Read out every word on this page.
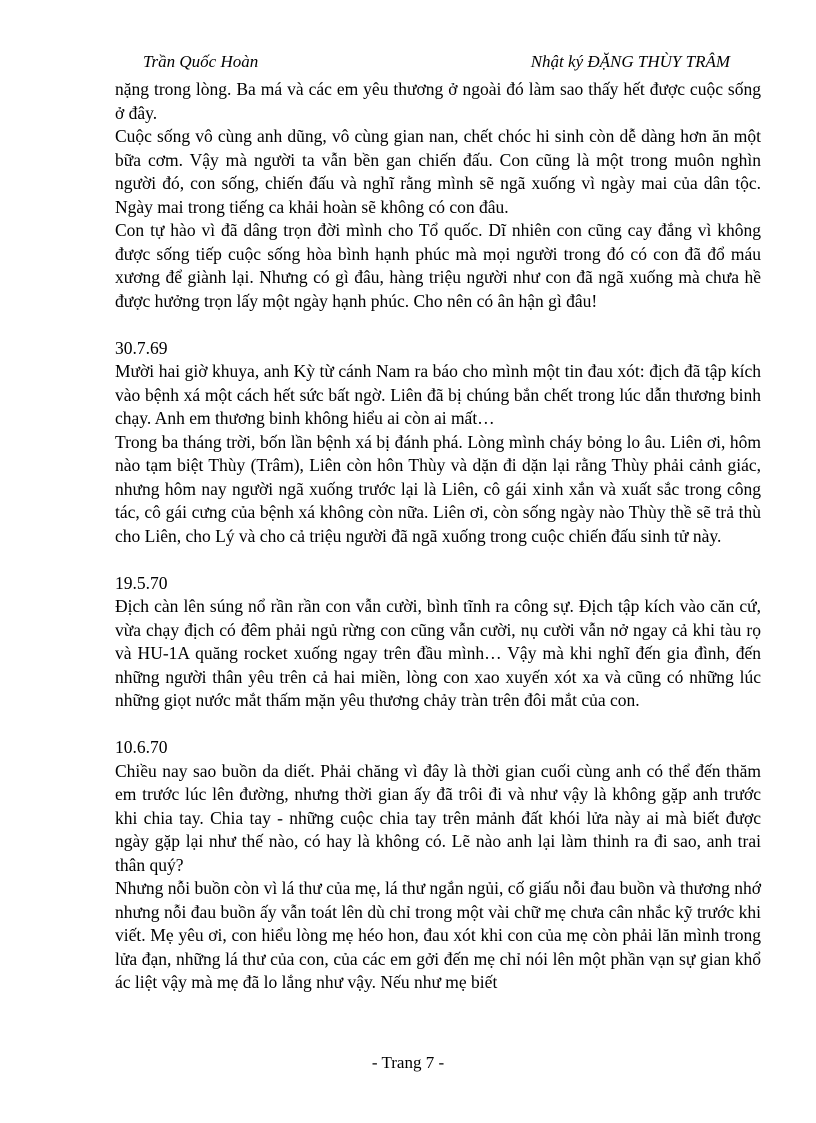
Trần Quốc Hoàn	Nhật ký ĐẶNG THÙY TRÂM

nặng trong lòng. Ba má và các em yêu thương ở ngoài đó làm sao thấy hết được cuộc sống ở đây.

Cuộc sống vô cùng anh dũng, vô cùng gian nan, chết chóc hi sinh còn dễ dàng hơn ăn một bữa cơm. Vậy mà người ta vẫn bền gan chiến đấu. Con cũng là một trong muôn nghìn người đó, con sống, chiến đấu và nghĩ rằng mình sẽ ngã xuống vì ngày mai của dân tộc. Ngày mai trong tiếng ca khải hoàn sẽ không có con đâu.

Con tự hào vì đã dâng trọn đời mình cho Tổ quốc. Dĩ nhiên con cũng cay đắng vì không được sống tiếp cuộc sống hòa bình hạnh phúc mà mọi người trong đó có con đã đổ máu xương để giành lại. Nhưng có gì đâu, hàng triệu người như con đã ngã xuống mà chưa hề được hưởng trọn lấy một ngày hạnh phúc. Cho nên có ân hận gì đâu!

30.7.69

Mười hai giờ khuya, anh Kỳ từ cánh Nam ra báo cho mình một tin đau xót: địch đã tập kích vào bệnh xá một cách hết sức bất ngờ. Liên đã bị chúng bắn chết trong lúc dẫn thương binh chạy. Anh em thương binh không hiểu ai còn ai mất…

Trong ba tháng trời, bốn lần bệnh xá bị đánh phá. Lòng mình cháy bỏng lo âu. Liên ơi, hôm nào tạm biệt Thùy (Trâm), Liên còn hôn Thùy và dặn đi dặn lại rằng Thùy phải cảnh giác, nhưng hôm nay người ngã xuống trước lại là Liên, cô gái xinh xắn và xuất sắc trong công tác, cô gái cưng của bệnh xá không còn nữa. Liên ơi, còn sống ngày nào Thùy thề sẽ trả thù cho Liên, cho Lý và cho cả triệu người đã ngã xuống trong cuộc chiến đấu sinh tử này.

19.5.70

Địch càn lên súng nổ rần rần con vẫn cười, bình tĩnh ra công sự. Địch tập kích vào căn cứ, vừa chạy địch có đêm phải ngủ rừng con cũng vẫn cười, nụ cười vẫn nở ngay cả khi tàu rọ và HU-1A quăng rocket xuống ngay trên đầu mình… Vậy mà khi nghĩ đến gia đình, đến những người thân yêu trên cả hai miền, lòng con xao xuyến xót xa và cũng có những lúc những giọt nước mắt thấm mặn yêu thương chảy tràn trên đôi mắt của con.

10.6.70

Chiều nay sao buồn da diết. Phải chăng vì đây là thời gian cuối cùng anh có thể đến thăm em trước lúc lên đường, nhưng thời gian ấy đã trôi đi và như vậy là không gặp anh trước khi chia tay. Chia tay - những cuộc chia tay trên mảnh đất khói lửa này ai mà biết được ngày gặp lại như thế nào, có hay là không có. Lẽ nào anh lại làm thinh ra đi sao, anh trai thân quý?

Nhưng nỗi buồn còn vì lá thư của mẹ, lá thư ngắn ngủi, cố giấu nỗi đau buồn và thương nhớ nhưng nỗi đau buồn ấy vẫn toát lên dù chỉ trong một vài chữ mẹ chưa cân nhắc kỹ trước khi viết. Mẹ yêu ơi, con hiểu lòng mẹ héo hon, đau xót khi con của mẹ còn phải lăn mình trong lửa đạn, những lá thư của con, của các em gởi đến mẹ chỉ nói lên một phần vạn sự gian khổ ác liệt vậy mà mẹ đã lo lắng như vậy. Nếu như mẹ biết

- Trang 7 -
